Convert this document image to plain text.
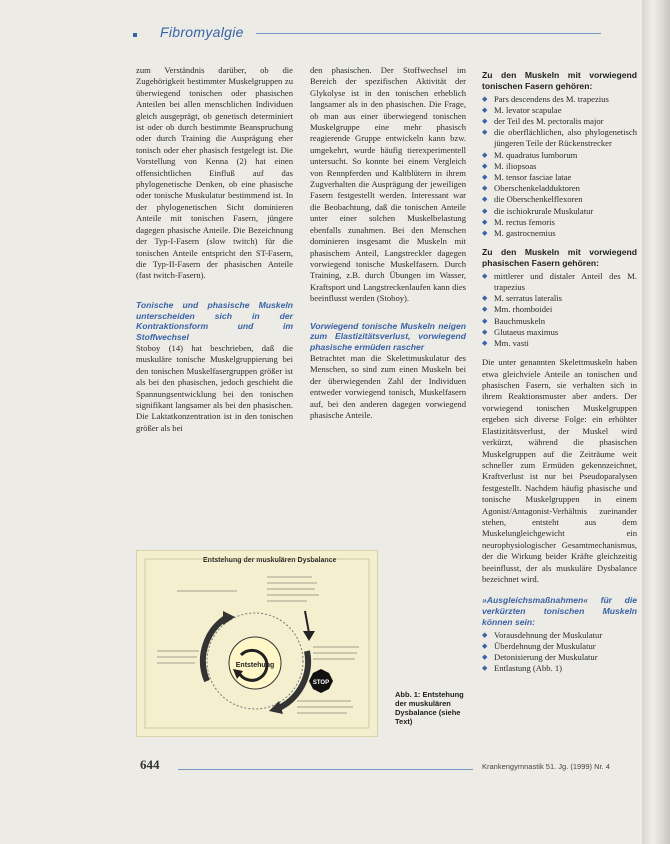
Fibromyalgie

zum Verständnis darüber, ob die Zugehörigkeit bestimmter Muskelgruppen zu überwiegend tonischen oder phasischen Anteilen bei allen menschlichen Individuen gleich ausgeprägt, ob genetisch determiniert ist oder ob durch bestimmte Beanspruchung oder durch Training die Ausprägung eher tonisch oder eher phasisch festgelegt ist. Die Vorstellung von Kenna (2) hat einen offensichtlichen Einfluß auf das phylogenetische Denken, ob eine phasische oder tonische Muskulatur bestimmend ist. In der phylogenetischen Sicht dominieren Anteile mit tonischen Fasern, jüngere dagegen phasische Anteile. Die Bezeichnung der Typ-I-Fasern (slow twitch) für die tonischen Anteile entspricht den ST-Fasern, die Typ-II-Fasern der phasischen Anteile (fast twitch-Fasern).

Tonische und phasische Muskeln unterscheiden sich in der Kontraktionsform und im Stoffwechsel

Stoboy (14) hat beschrieben, daß die muskuläre tonische Muskelgruppierung bei den tonischen Muskelfasergruppen größer ist als bei den phasischen, jedoch geschieht die Spannungsentwicklung bei den tonischen signifikant langsamer als bei den phasischen. Die Laktatkonzentration ist in den tonischen größer als bei

den phasischen. Der Stoffwechsel im Bereich der spezifischen Aktivität der Glykolyse ist in den tonischen erheblich langsamer als in den phasischen. Die Frage, ob man aus einer überwiegend tonischen Muskelgruppe eine mehr phasisch reagierende Gruppe entwickeln kann bzw. umgekehrt, wurde häufig tierexperimentell untersucht. So konnte bei einem Vergleich von Rennpferden und Kaltblütern in ihrem Zugverhalten die Ausprägung der jeweiligen Fasern festgestellt werden. Interessant war die Beobachtung, daß die tonischen Anteile unter einer solchen Muskelbelastung ebenfalls zunahmen. Bei den Menschen dominieren insgesamt die Muskeln mit phasischem Anteil, Langstreckler dagegen vorwiegend tonische Muskelfasern. Durch Training, z.B. durch Übungen im Wasser, Kraftsport und Langstreckenlaufen kann dies beeinflusst werden (Stoboy).

Vorwiegend tonische Muskeln neigen zum Elastizitätsverlust, vorwiegend phasische ermüden rascher

Betrachtet man die Skelettmuskulatur des Menschen, so sind zum einen Muskeln bei der überwiegenden Zahl der Individuen entweder vorwiegend tonisch, Muskelfasern auf, bei den anderen dagegen vorwiegend phasische Anteile.

Zu den Muskeln mit vorwiegend tonischen Fasern gehören:

◆ Pars descendens des M. trapezius
◆ M. levator scapulae
◆ der Teil des M. pectoralis major
◆ die oberflächlichen, also phylogenetisch jüngeren Teile der Rückenstrecker
◆ M. quadratus lumborum
◆ M. iliopsoas
◆ M. tensor fasciae latae
◆ Oberschenkeladduktoren
◆ die Oberschenkelflexoren
◆ die ischiokrurale Muskulatur
◆ M. rectus femoris
◆ M. gastrocnemius

Zu den Muskeln mit vorwiegend phasischen Fasern gehören:

◆ mittlerer und distaler Anteil des M. trapezius
◆ M. serratus lateralis
◆ Mm. rhomboidei
◆ Bauchmuskeln
◆ Glutaeus maximus
◆ Mm. vasti

Die unter genannten Skelettmuskeln haben etwa gleichviele Anteile an tonischen und phasischen Fasern, sie verhalten sich in ihrem Reaktionsmuster aber anders. Der vorwiegend tonischen Muskelgruppen ergeben sich diverse Folge: ein erhöhter Elastizitätsverlust, der Muskel wird verkürzt, während die phasischen Muskelgruppen auf die Zeiträume weit schneller zum Ermüden gekennzeichnet, Kraftverlust ist nur bei Pseudoparalysen festgestellt. Nachdem häufig phasische und tonische Muskelgruppen in einem Agonist/Antagonist-Verhältnis zueinander stehen, entsteht aus dem Muskelungleichgewicht ein neurophysiologischer Gesamtmechanismus, der die Wirkung beider Kräfte gleichzeitig beeinflusst, der als muskuläre Dysbalance bezeichnet wird.

»Ausgleichsmaßnahmen« für die verkürzten tonischen Muskeln können sein:

◆ Vorausdehnung der Muskulatur
◆ Überdehnung der Muskulatur
◆ Detonisierung der Muskulatur
◆ Entlastung (Abb. 1)
Entstehung der muskulären Dysbalance
Entstehung
STOP
Abb. 1: Entstehung der muskulären Dysbalance (siehe Text)
644	Krankengymnastik 51. Jg. (1999) Nr. 4
